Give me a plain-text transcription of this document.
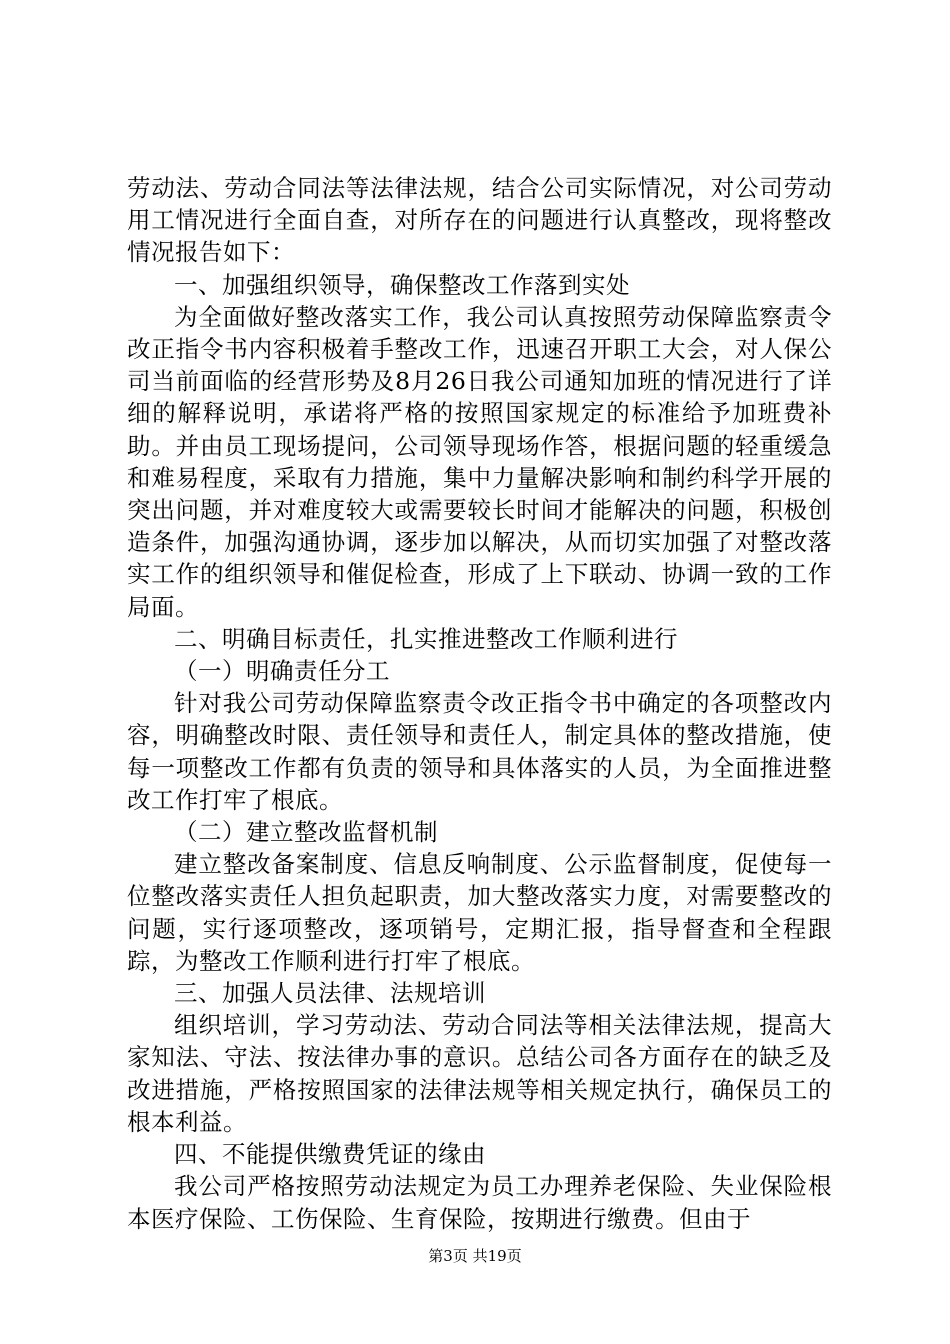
劳动法、劳动合同法等法律法规，结合公司实际情况，对公司劳动用工情况进行全面自查，对所存在的问题进行认真整改，现将整改情况报告如下：

一、加强组织领导，确保整改工作落到实处

为全面做好整改落实工作，我公司认真按照劳动保障监察责令改正指令书内容积极着手整改工作，迅速召开职工大会，对人保公司当前面临的经营形势及8月26日我公司通知加班的情况进行了详细的解释说明，承诺将严格的按照国家规定的标准给予加班费补助。并由员工现场提问，公司领导现场作答，根据问题的轻重缓急和难易程度，采取有力措施，集中力量解决影响和制约科学开展的突出问题，并对难度较大或需要较长时间才能解决的问题，积极创造条件，加强沟通协调，逐步加以解决，从而切实加强了对整改落实工作的组织领导和催促检查，形成了上下联动、协调一致的工作局面。

二、明确目标责任，扎实推进整改工作顺利进行

（一）明确责任分工

针对我公司劳动保障监察责令改正指令书中确定的各项整改内容，明确整改时限、责任领导和责任人，制定具体的整改措施，使每一项整改工作都有负责的领导和具体落实的人员，为全面推进整改工作打牢了根底。

（二）建立整改监督机制

建立整改备案制度、信息反响制度、公示监督制度，促使每一位整改落实责任人担负起职责，加大整改落实力度，对需要整改的问题，实行逐项整改，逐项销号，定期汇报，指导督查和全程跟踪，为整改工作顺利进行打牢了根底。

三、加强人员法律、法规培训

组织培训，学习劳动法、劳动合同法等相关法律法规，提高大家知法、守法、按法律办事的意识。总结公司各方面存在的缺乏及改进措施，严格按照国家的法律法规等相关规定执行，确保员工的根本利益。

四、不能提供缴费凭证的缘由

我公司严格按照劳动法规定为员工办理养老保险、失业保险根本医疗保险、工伤保险、生育保险，按期进行缴费。但由于

第3页 共19页
